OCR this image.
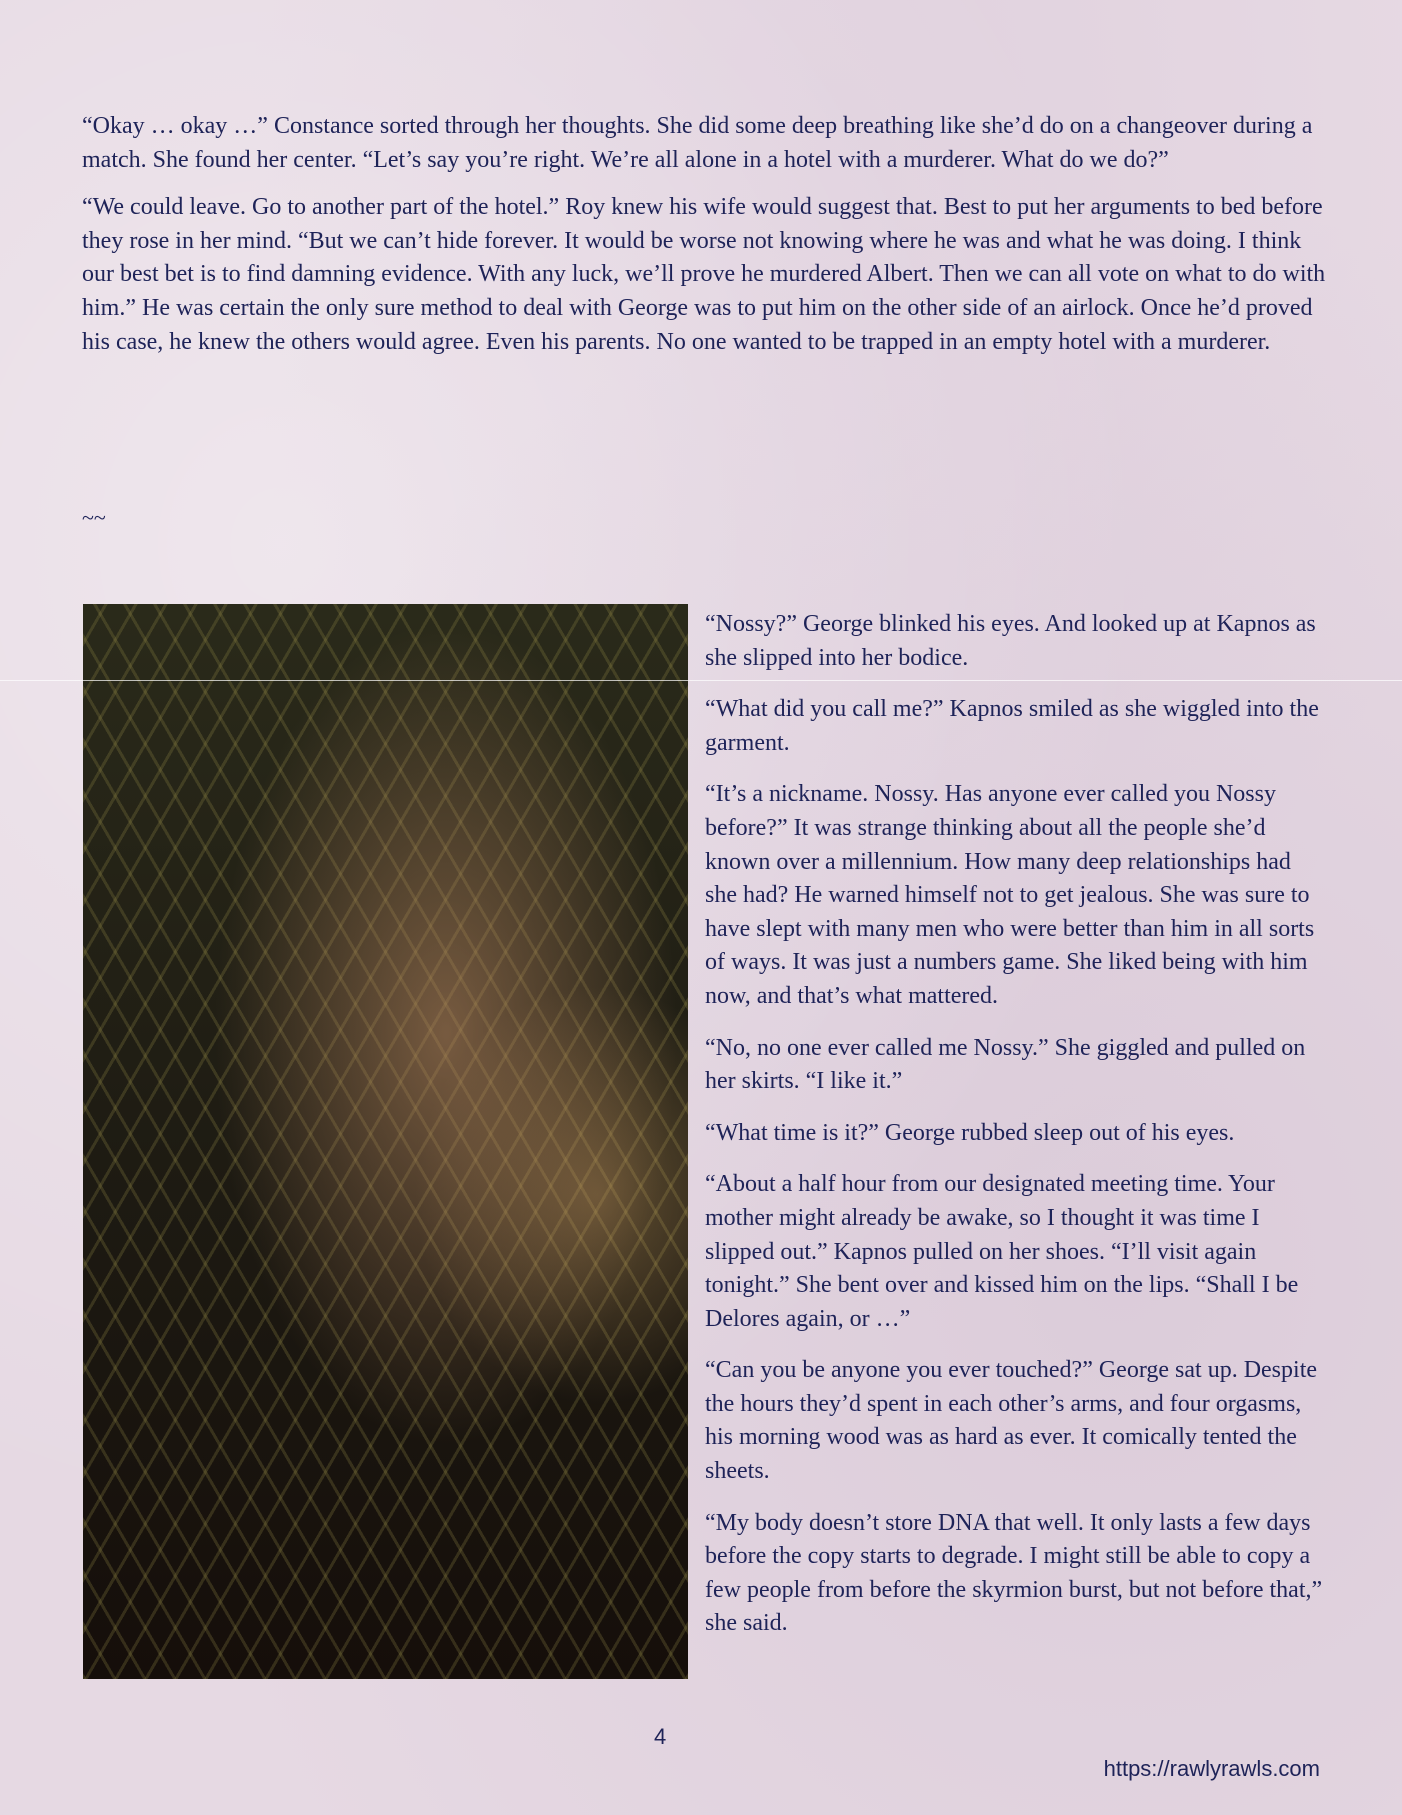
“Okay … okay …” Constance sorted through her thoughts. She did some deep breathing like she’d do on a changeover during a match. She found her center. “Let’s say you’re right. We’re all alone in a hotel with a murderer. What do we do?”

“We could leave. Go to another part of the hotel.” Roy knew his wife would suggest that. Best to put her arguments to bed before they rose in her mind. “But we can’t hide forever. It would be worse not knowing where he was and what he was doing. I think our best bet is to find damning evidence. With any luck, we’ll prove he murdered Albert. Then we can all vote on what to do with him.” He was certain the only sure method to deal with George was to put him on the other side of an airlock. Once he’d proved his case, he knew the others would agree. Even his parents. No one wanted to be trapped in an empty hotel with a murderer.

~~

“Nossy?” George blinked his eyes. And looked up at Kapnos as she slipped into her bodice.

“What did you call me?” Kapnos smiled as she wiggled into the garment.

“It’s a nickname. Nossy. Has anyone ever called you Nossy before?” It was strange thinking about all the people she’d known over a millennium. How many deep relationships had she had? He warned himself not to get jealous. She was sure to have slept with many men who were better than him in all sorts of ways. It was just a numbers game. She liked being with him now, and that’s what mattered.

“No, no one ever called me Nossy.” She giggled and pulled on her skirts. “I like it.”

“What time is it?” George rubbed sleep out of his eyes.

“About a half hour from our designated meeting time. Your mother might already be awake, so I thought it was time I slipped out.” Kapnos pulled on her shoes. “I’ll visit again tonight.” She bent over and kissed him on the lips. “Shall I be Delores again, or …”

“Can you be anyone you ever touched?” George sat up. Despite the hours they’d spent in each other’s arms, and four orgasms, his morning wood was as hard as ever. It comically tented the sheets.

“My body doesn’t store DNA that well. It only lasts a few days before the copy starts to degrade. I might still be able to copy a few people from before the skyrmion burst, but not before that,” she said.

4
https://rawlyrawls.com
